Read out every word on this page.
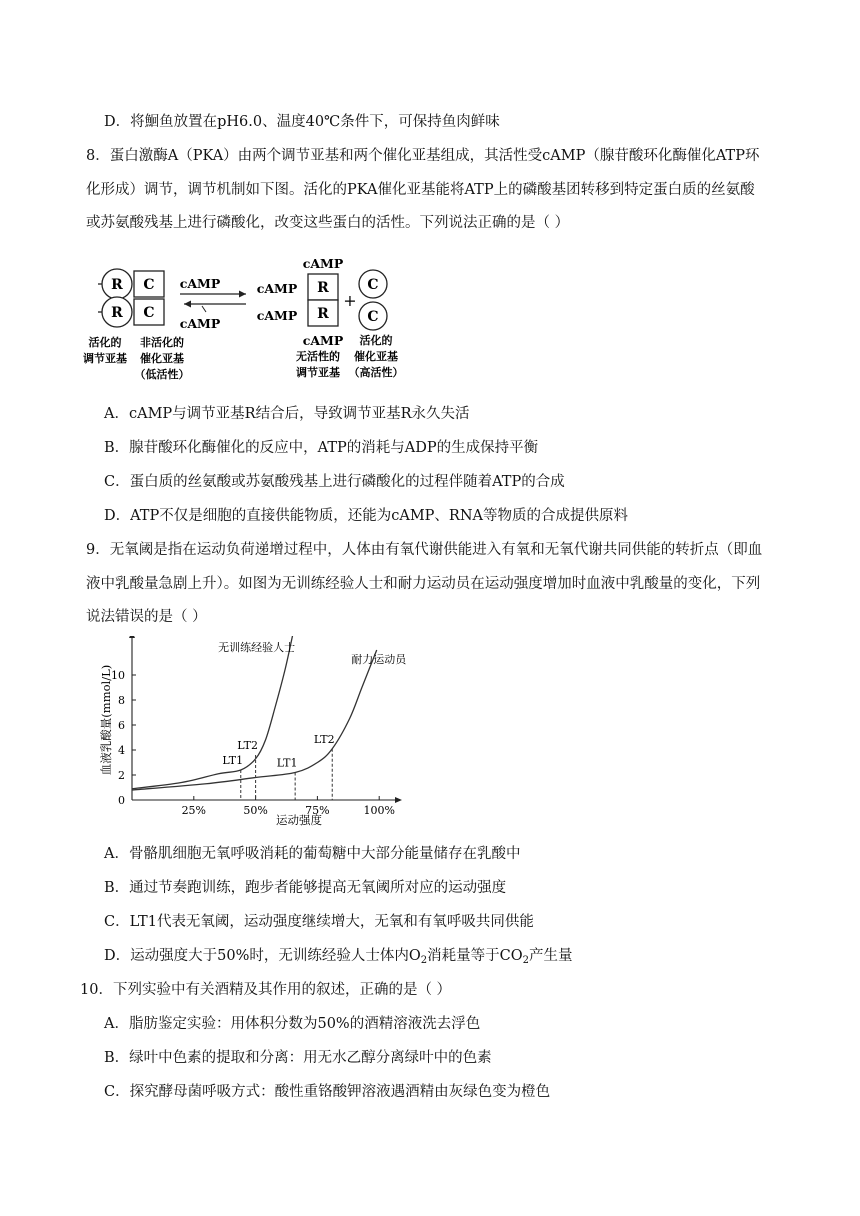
D．将鮰鱼放置在pH6.0、温度40℃条件下，可保持鱼肉鲜味
8．蛋白激酶A（PKA）由两个调节亚基和两个催化亚基组成，其活性受cAMP（腺苷酸环化酶催化ATP环
化形成）调节，调节机制如下图。活化的PKA催化亚基能将ATP上的磷酸基团转移到特定蛋白质的丝氨酸
或苏氨酸残基上进行磷酸化，改变这些蛋白的活性。下列说法正确的是（ ）
R
R
C
C
cAMP
cAMP
cAMP
cAMP
cAMP
cAMP
R
R
+
C
C
活化的
调节亚基
非活化的
催化亚基
（低活性）
无活性的
调节亚基
活化的
催化亚基
（高活性）
A．cAMP与调节亚基R结合后，导致调节亚基R永久失活
B．腺苷酸环化酶催化的反应中，ATP的消耗与ADP的生成保持平衡
C．蛋白质的丝氨酸或苏氨酸残基上进行磷酸化的过程伴随着ATP的合成
D．ATP不仅是细胞的直接供能物质，还能为cAMP、RNA等物质的合成提供原料
9．无氧阈是指在运动负荷递增过程中，人体由有氧代谢供能进入有氧和无氧代谢共同供能的转折点（即血
液中乳酸量急剧上升）。如图为无训练经验人士和耐力运动员在运动强度增加时血液中乳酸量的变化，下列
说法错误的是（ ）
0
2
4
6
8
10
25%	50%	75%	100%
运动强度
血液乳酸量(mmol/L)
无训练经验人士
耐力运动员
LT1
LT2
LT1
LT2
A．骨骼肌细胞无氧呼吸消耗的葡萄糖中大部分能量储存在乳酸中
B．通过节奏跑训练，跑步者能够提高无氧阈所对应的运动强度
C．LT1代表无氧阈，运动强度继续增大，无氧和有氧呼吸共同供能
D．运动强度大于50%时，无训练经验人士体内$O_2$消耗量等于$CO_2$产生量
10．下列实验中有关酒精及其作用的叙述，正确的是（ ）
A．脂肪鉴定实验：用体积分数为50%的酒精溶液洗去浮色
B．绿叶中色素的提取和分离：用无水乙醇分离绿叶中的色素
C．探究酵母菌呼吸方式：酸性重铬酸钾溶液遇酒精由灰绿色变为橙色
